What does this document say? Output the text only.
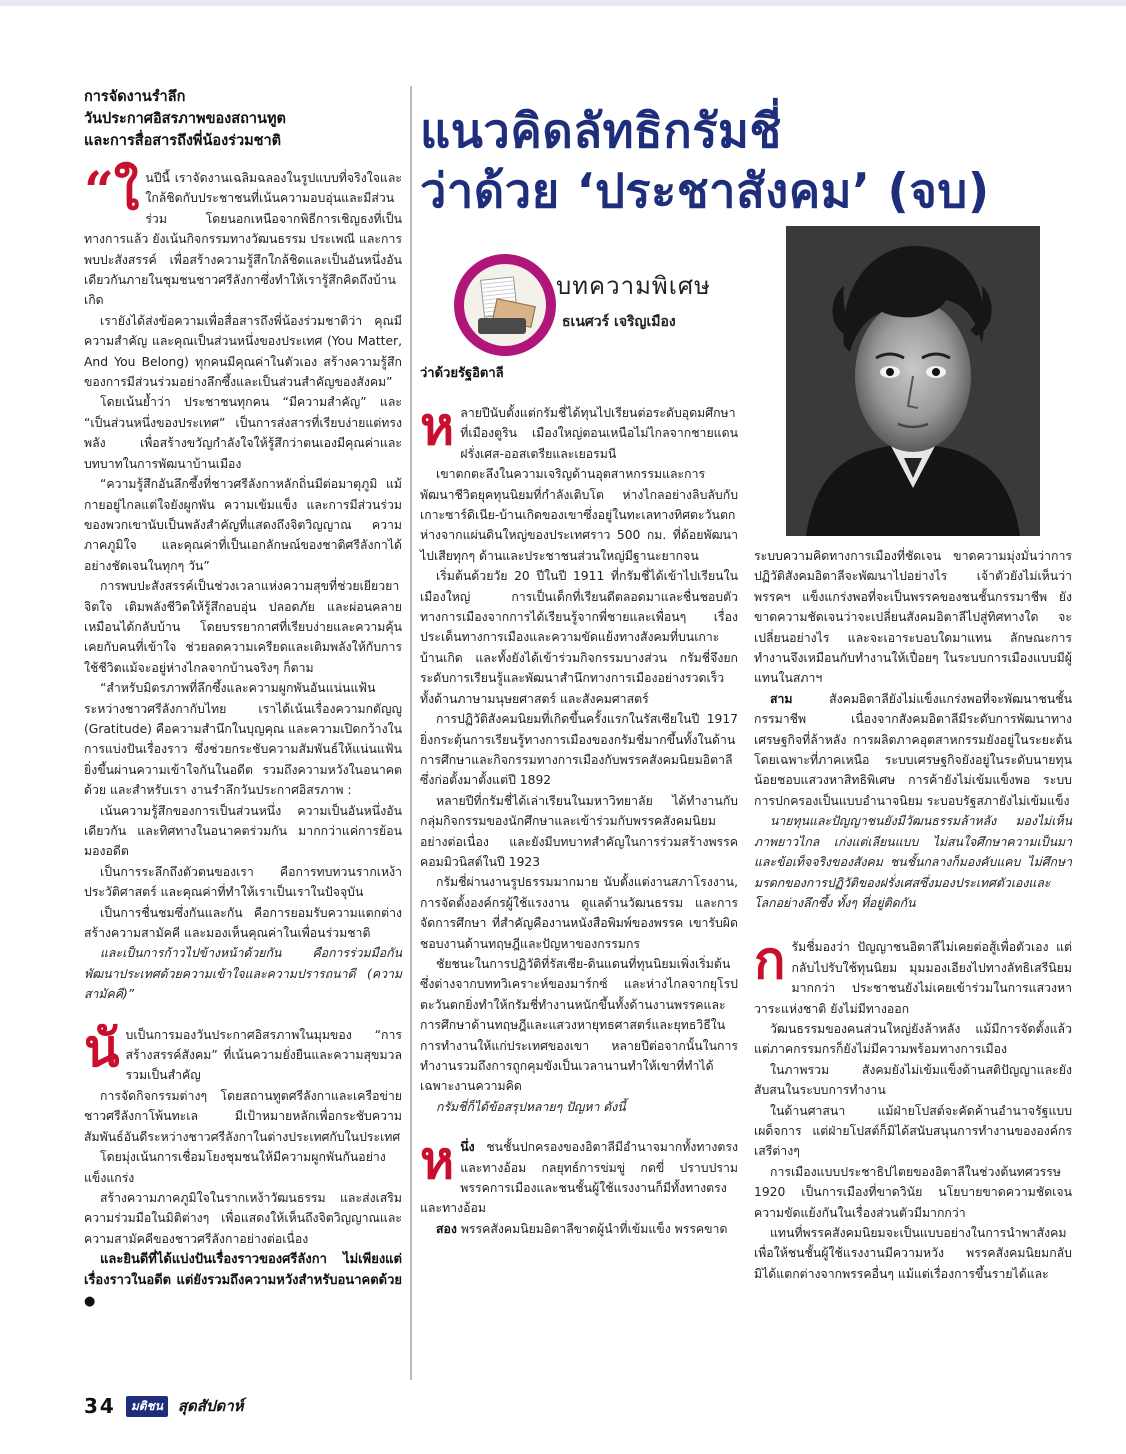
การจัดงานรำลึก
วันประกาศอิสรภาพของสถานทูต
และการสื่อสารถึงพี่น้องร่วมชาติ

“ใ นปีนี้ เราจัดงานเฉลิมฉลองในรูปแบบที่จริงใจและใกล้ชิดกับประชาชนที่เน้นความอบอุ่นและมีส่วนร่วม โดยนอกเหนือจากพิธีการเชิญธงที่เป็นทางการแล้ว ยังเน้นกิจกรรมทางวัฒนธรรม ประเพณี และการพบปะสังสรรค์ เพื่อสร้างความรู้สึกใกล้ชิดและเป็นอันหนึ่งอันเดียวกันภายในชุมชนชาวศรีลังกาซึ่งทำให้เรารู้สึกคิดถึงบ้านเกิด

เรายังได้ส่งข้อความเพื่อสื่อสารถึงพี่น้องร่วมชาติว่า คุณมีความสำคัญ และคุณเป็นส่วนหนึ่งของประเทศ (You Matter, And You Belong) ทุกคนมีคุณค่าในตัวเอง สร้างความรู้สึกของการมีส่วนร่วมอย่างลึกซึ้งและเป็นส่วนสำคัญของสังคม”

โดยเน้นย้ำว่า ประชาชนทุกคน “มีความสำคัญ” และ “เป็นส่วนหนึ่งของประเทศ” เป็นการส่งสารที่เรียบง่ายแต่ทรงพลัง เพื่อสร้างขวัญกำลังใจให้รู้สึกว่าตนเองมีคุณค่าและบทบาทในการพัฒนาบ้านเมือง

“ความรู้สึกอันลึกซึ้งที่ชาวศรีลังกาหลักถิ่นมีต่อมาตุภูมิ แม้กายอยู่ไกลแต่ใจยังผูกพัน ความเข้มแข็ง และการมีส่วนร่วมของพวกเขานับเป็นพลังสำคัญที่แสดงถึงจิตวิญญาณ ความภาคภูมิใจ และคุณค่าที่เป็นเอกลักษณ์ของชาติศรีลังกาได้อย่างชัดเจนในทุกๆ วัน”

การพบปะสังสรรค์เป็นช่วงเวลาแห่งความสุขที่ช่วยเยียวยาจิตใจ เติมพลังชีวิตให้รู้สึกอบอุ่น ปลอดภัย และผ่อนคลายเหมือนได้กลับบ้าน โดยบรรยากาศที่เรียบง่ายและความคุ้นเคยกับคนที่เข้าใจ ช่วยลดความเครียดและเติมพลังให้กับการใช้ชีวิตแม้จะอยู่ห่างไกลจากบ้านจริงๆ ก็ตาม

“สำหรับมิตรภาพที่ลึกซึ้งและความผูกพันอันแน่นแฟ้นระหว่างชาวศรีลังกากับไทย เราได้เน้นเรื่องความกตัญญู (Gratitude) คือความสำนึกในบุญคุณ และความเปิดกว้างในการแบ่งปันเรื่องราว ซึ่งช่วยกระชับความสัมพันธ์ให้แน่นแฟ้นยิ่งขึ้นผ่านความเข้าใจกันในอดีต รวมถึงความหวังในอนาคตด้วย และสำหรับเรา งานรำลึกวันประกาศอิสรภาพ :

เน้นความรู้สึกของการเป็นส่วนหนึ่ง ความเป็นอันหนึ่งอันเดียวกัน และทิศทางในอนาคตร่วมกัน มากกว่าแค่การย้อนมองอดีต

เป็นการระลึกถึงตัวตนของเรา คือการทบทวนรากเหง้าประวัติศาสตร์ และคุณค่าที่ทำให้เราเป็นเราในปัจจุบัน

เป็นการชื่นชมซึ่งกันและกัน คือการยอมรับความแตกต่างสร้างความสามัคคี และมองเห็นคุณค่าในเพื่อนร่วมชาติ

และเป็นการก้าวไปข้างหน้าด้วยกัน คือการร่วมมือกันพัฒนาประเทศด้วยความเข้าใจและความปรารถนาดี (ความสามัคคี)”

นับเป็นการมองวันประกาศอิสรภาพในมุมของ “การสร้างสรรค์สังคม” ที่เน้นความยั่งยืนและความสุขมวลรวมเป็นสำคัญ

การจัดกิจกรรมต่างๆ โดยสถานทูตศรีลังกาและเครือข่ายชาวศรีลังกาโพ้นทะเล มีเป้าหมายหลักเพื่อกระชับความสัมพันธ์อันดีระหว่างชาวศรีลังกาในต่างประเทศกับในประเทศ

โดยมุ่งเน้นการเชื่อมโยงชุมชนให้มีความผูกพันกันอย่างแข็งแกร่ง

สร้างความภาคภูมิใจในรากเหง้าวัฒนธรรม และส่งเสริมความร่วมมือในมิติต่างๆ เพื่อแสดงให้เห็นถึงจิตวิญญาณและความสามัคคีของชาวศรีลังกาอย่างต่อเนื่อง

และยินดีที่ได้แบ่งปันเรื่องราวของศรีลังกา ไม่เพียงแต่เรื่องราวในอดีต แต่ยังรวมถึงความหวังสำหรับอนาคตด้วย ●

แนวคิดลัทธิกรัมชี่
ว่าด้วย ‘ประชาสังคม’ (จบ)
บทความพิเศษ
ธเนศวร์ เจริญเมือง
ว่าด้วยรัฐอิตาลี

หลายปีนับตั้งแต่กรัมชี่ได้ทุนไปเรียนต่อระดับอุดมศึกษาที่เมืองตูริน เมืองใหญ่ตอนเหนือไม่ไกลจากชายแดนฝรั่งเศส-ออสเตรียและเยอรมนี

เขาตกตะลึงในความเจริญด้านอุตสาหกรรมและการพัฒนาชีวิตยุคทุนนิยมที่กำลังเติบโต ห่างไกลอย่างลิบลับกับเกาะซาร์ดิเนีย-บ้านเกิดของเขาซึ่งอยู่ในทะเลทางทิศตะวันตกห่างจากแผ่นดินใหญ่ของประเทศราว 500 กม. ที่ด้อยพัฒนาไปเสียทุกๆ ด้านและประชาชนส่วนใหญ่มีฐานะยากจน

เริ่มต้นด้วยวัย 20 ปีในปี 1911 ที่กรัมชี่ได้เข้าไปเรียนในเมืองใหญ่ การเป็นเด็กที่เรียนดีตลอดมาและชื่นชอบตัวทางการเมืองจากการได้เรียนรู้จากพี่ชายและเพื่อนๆ เรื่องประเด็นทางการเมืองและความขัดแย้งทางสังคมที่บนเกาะบ้านเกิด และทั้งยังได้เข้าร่วมกิจกรรมบางส่วน กรัมชี่จึงยกระดับการเรียนรู้และพัฒนาสำนึกทางการเมืองอย่างรวดเร็วทั้งด้านภาษามนุษยศาสตร์ และสังคมศาสตร์

การปฏิวัติสังคมนิยมที่เกิดขึ้นครั้งแรกในรัสเซียในปี 1917 ยิ่งกระตุ้นการเรียนรู้ทางการเมืองของกรัมชี่มากขึ้นทั้งในด้านการศึกษาและกิจกรรมทางการเมืองกับพรรคสังคมนิยมอิตาลีซึ่งก่อตั้งมาตั้งแต่ปี 1892

หลายปีที่กรัมชี่ได้เล่าเรียนในมหาวิทยาลัย ได้ทำงานกับกลุ่มกิจกรรมของนักศึกษาและเข้าร่วมกับพรรคสังคมนิยมอย่างต่อเนื่อง และยังมีบทบาทสำคัญในการร่วมสร้างพรรคคอมมิวนิสต์ในปี 1923

กรัมชี่ผ่านงานรูปธรรมมากมาย นับตั้งแต่งานสภาโรงงาน, การจัดตั้งองค์กรผู้ใช้แรงงาน ดูแลด้านวัฒนธรรม และการจัดการศึกษา ที่สำคัญคืองานหนังสือพิมพ์ของพรรค เขารับผิดชอบงานด้านทฤษฎีและปัญหาของกรรมกร

ชัยชนะในการปฏิวัติที่รัสเซีย-ดินแดนที่ทุนนิยมเพิ่งเริ่มต้นซึ่งต่างจากบททวิเคราะห์ของมาร์กซ์ และห่างไกลจากยุโรปตะวันตกยิ่งทำให้กรัมชี่ทำงานหนักขึ้นทั้งด้านงานพรรคและการศึกษาด้านทฤษฎีและแสวงหายุทธศาสตร์และยุทธวิธีในการทำงานให้แก่ประเทศของเขา หลายปีต่อจากนั้นในการทำงานรวมถึงการถูกคุมขังเป็นเวลานานทำให้เขาที่ทำได้เฉพาะงานความคิด

กรัมชี่ก็ได้ข้อสรุปหลายๆ ปัญหา ดังนี้

หนึ่ง ชนชั้นปกครองของอิตาลีมีอำนาจมากทั้งทางตรงและทางอ้อม กลยุทธ์การข่มขู่ กดขี่ ปราบปรามพรรคการเมืองและชนชั้นผู้ใช้แรงงานก็มีทั้งทางตรงและทางอ้อม

สอง พรรคสังคมนิยมอิตาลีขาดผู้นำที่เข้มแข็ง พรรคขาด

ระบบความคิดทางการเมืองที่ชัดเจน ขาดความมุ่งมั่นว่าการปฏิวัติสังคมอิตาลีจะพัฒนาไปอย่างไร เจ้าตัวยังไม่เห็นว่าพรรคฯ แข็งแกร่งพอที่จะเป็นพรรคของชนชั้นกรรมาชีพ ยังขาดความชัดเจนว่าจะเปลี่ยนสังคมอิตาลีไปสู่ทิศทางใด จะเปลี่ยนอย่างไร และจะเอาระบอบใดมาแทน ลักษณะการทำงานจึงเหมือนกับทำงานให้เปื่อยๆ ในระบบการเมืองแบบมีผู้แทนในสภาฯ

สาม สังคมอิตาลียังไม่แข็งแกร่งพอที่จะพัฒนาชนชั้นกรรมาชีพ เนื่องจากสังคมอิตาลีมีระดับการพัฒนาทางเศรษฐกิจที่ล้าหลัง การผลิตภาคอุตสาหกรรมยังอยู่ในระยะต้นโดยเฉพาะที่ภาคเหนือ ระบบเศรษฐกิจยังอยู่ในระดับนายทุนน้อยชอบแสวงหาสิทธิพิเศษ การค้ายังไม่เข้มแข็งพอ ระบบการปกครองเป็นแบบอำนาจนิยม ระบอบรัฐสภายังไม่เข้มแข็ง

นายทุนและปัญญาชนยังมีวัฒนธรรมล้าหลัง มองไม่เห็นภาพยาวไกล เก่งแต่เลียนแบบ ไม่สนใจศึกษาความเป็นมาและข้อเท็จจริงของสังคม ชนชั้นกลางก็มองคับแคบ ไม่ศึกษามรดกของการปฏิวัติของฝรั่งเศสซึ่งมองประเทศตัวเองและโลกอย่างลึกซึ้ง ทั้งๆ ที่อยู่ติดกัน

กรัมชี่มองว่า ปัญญาชนอิตาลีไม่เคยต่อสู้เพื่อตัวเอง แต่กลับไปรับใช้ทุนนิยม มุมมองเอียงไปทางลัทธิเสรีนิยมมากกว่า ประชาชนยังไม่เคยเข้าร่วมในการแสวงหาวาระแห่งชาติ ยังไม่มีทางออก

วัฒนธรรมของคนส่วนใหญ่ยังล้าหลัง แม้มีการจัดตั้งแล้ว แต่ภาคกรรมกรก็ยังไม่มีความพร้อมทางการเมือง

ในภาพรวม สังคมยังไม่เข้มแข็งด้านสติปัญญาและยังสับสนในระบบการทำงาน

ในด้านศาสนา แม้ฝ่ายโปสต์จะคัดค้านอำนาจรัฐแบบเผด็จการ แต่ฝ่ายโปสต์ก็มิได้สนับสนุนการทำงานขององค์กรเสรีต่างๆ

การเมืองแบบประชาธิปไตยของอิตาลีในช่วงต้นทศวรรษ 1920 เป็นการเมืองที่ขาดวินัย นโยบายขาดความชัดเจน ความขัดแย้งกันในเรื่องส่วนตัวมีมากกว่า

แทนที่พรรคสังคมนิยมจะเป็นแบบอย่างในการนำพาสังคม เพื่อให้ชนชั้นผู้ใช้แรงงานมีความหวัง พรรคสังคมนิยมกลับมิได้แตกต่างจากพรรคอื่นๆ แม้แต่เรื่องการขึ้นรายได้และ

34	มติชน	สุดสัปดาห์
